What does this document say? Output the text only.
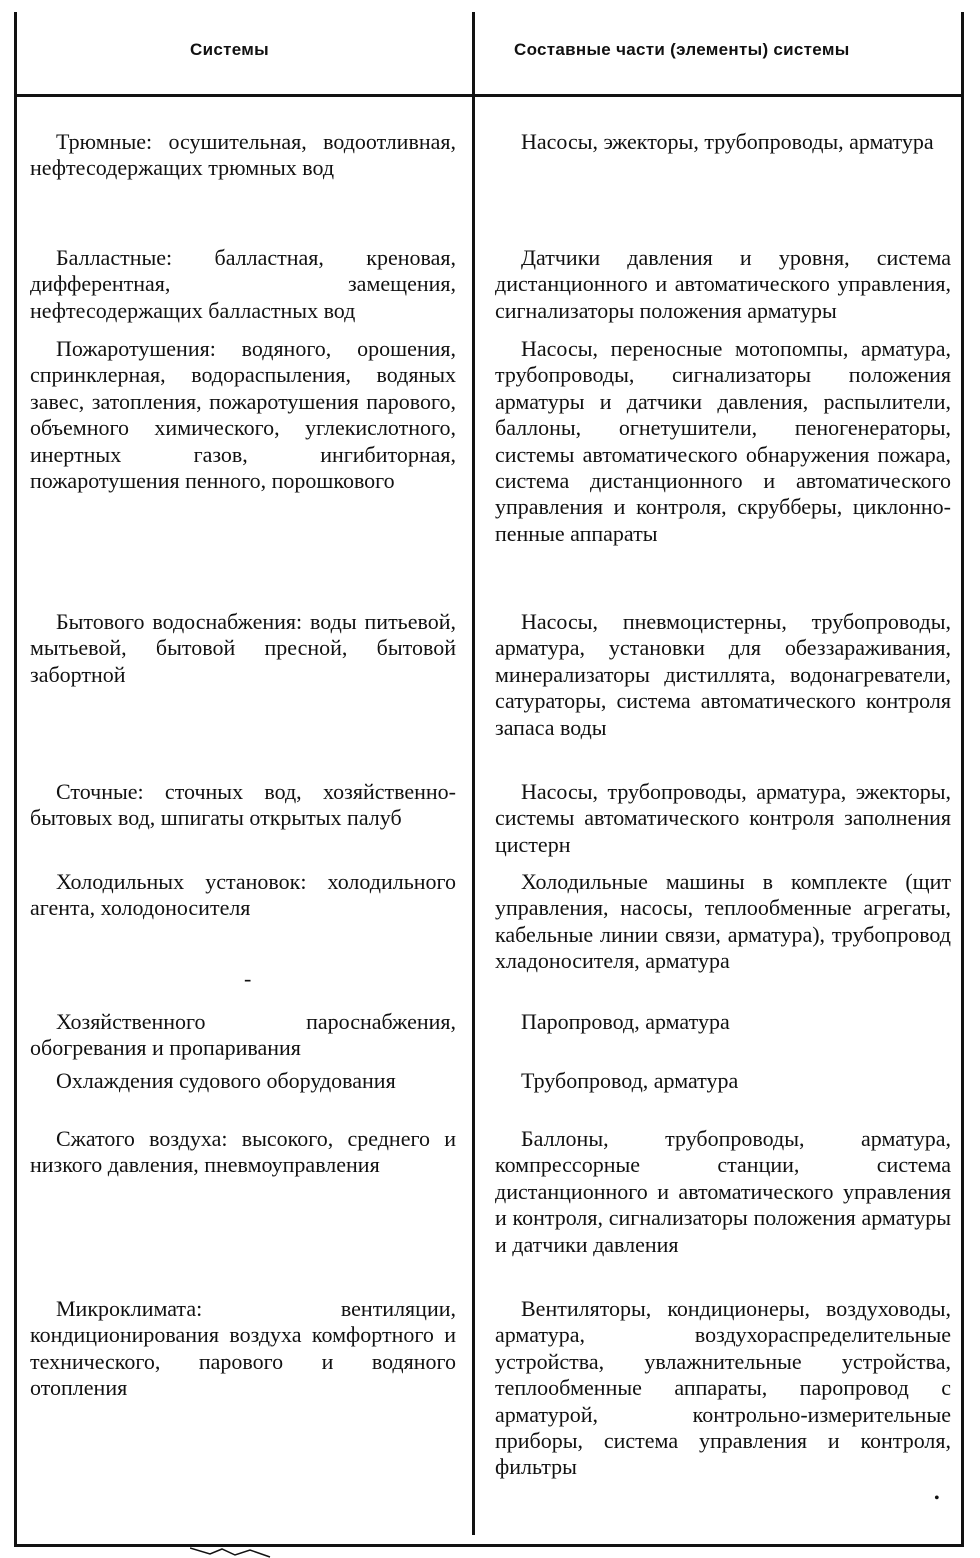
Системы	Составные части (элементы) системы
Трюмные: осушительная, водоотливная, нефтесодержащих трюмных вод
Балластные: балластная, креновая, дифферентная, замещения, нефтесодержащих балластных вод
Пожаротушения: водяного, орошения, спринклерная, водораспыления, водяных завес, затопления, пожаротушения парового, объемного химического, углекислотного, инертных газов, ингибиторная, пожаротушения пенного, порошкового
Бытового водоснабжения: воды питьевой, мытьевой, бытовой пресной, бытовой забортной
Сточные: сточных вод, хозяйственно-бытовых вод, шпигаты открытых палуб
Холодильных установок: холодильного агента, холодоносителя
Хозяйственного пароснабжения, обогревания и пропаривания
Охлаждения судового оборудования
Сжатого воздуха: высокого, среднего и низкого давления, пневмоуправления
Микроклимата: вентиляции, кондиционирования воздуха комфортного и технического, парового и водяного отопления
Насосы, эжекторы, трубопроводы, арматура
Датчики давления и уровня, система дистанционного и автоматического управления, сигнализаторы положения арматуры
Насосы, переносные мотопомпы, арматура, трубопроводы, сигнализаторы положения арматуры и датчики давления, распылители, баллоны, огнетушители, пеногенераторы, системы автоматического обнаружения пожара, система дистанционного и автоматического управления и контроля, скрубберы, циклонно-пенные аппараты
Насосы, пневмоцистерны, трубопроводы, арматура, установки для обеззараживания, минерализаторы дистиллята, водонагреватели, сатураторы, система автоматического контроля запаса воды
Насосы, трубопроводы, арматура, эжекторы, системы автоматического контроля заполнения цистерн
Холодильные машины в комплекте (щит управления, насосы, теплообменные агрегаты, кабельные линии связи, арматура), трубопровод хладоносителя, арматура
Паропровод, арматура
Трубопровод, арматура
Баллоны, трубопроводы, арматура, компрессорные станции, система дистанционного и автоматического управления и контроля, сигнализаторы положения арматуры и датчики давления
Вентиляторы, кондиционеры, воздуховоды, арматура, воздухораспределительные устройства, увлажнительные устройства, теплообменные аппараты, паропровод с арматурой, контрольно-измерительные приборы, система управления и контроля, фильтры
-
•
